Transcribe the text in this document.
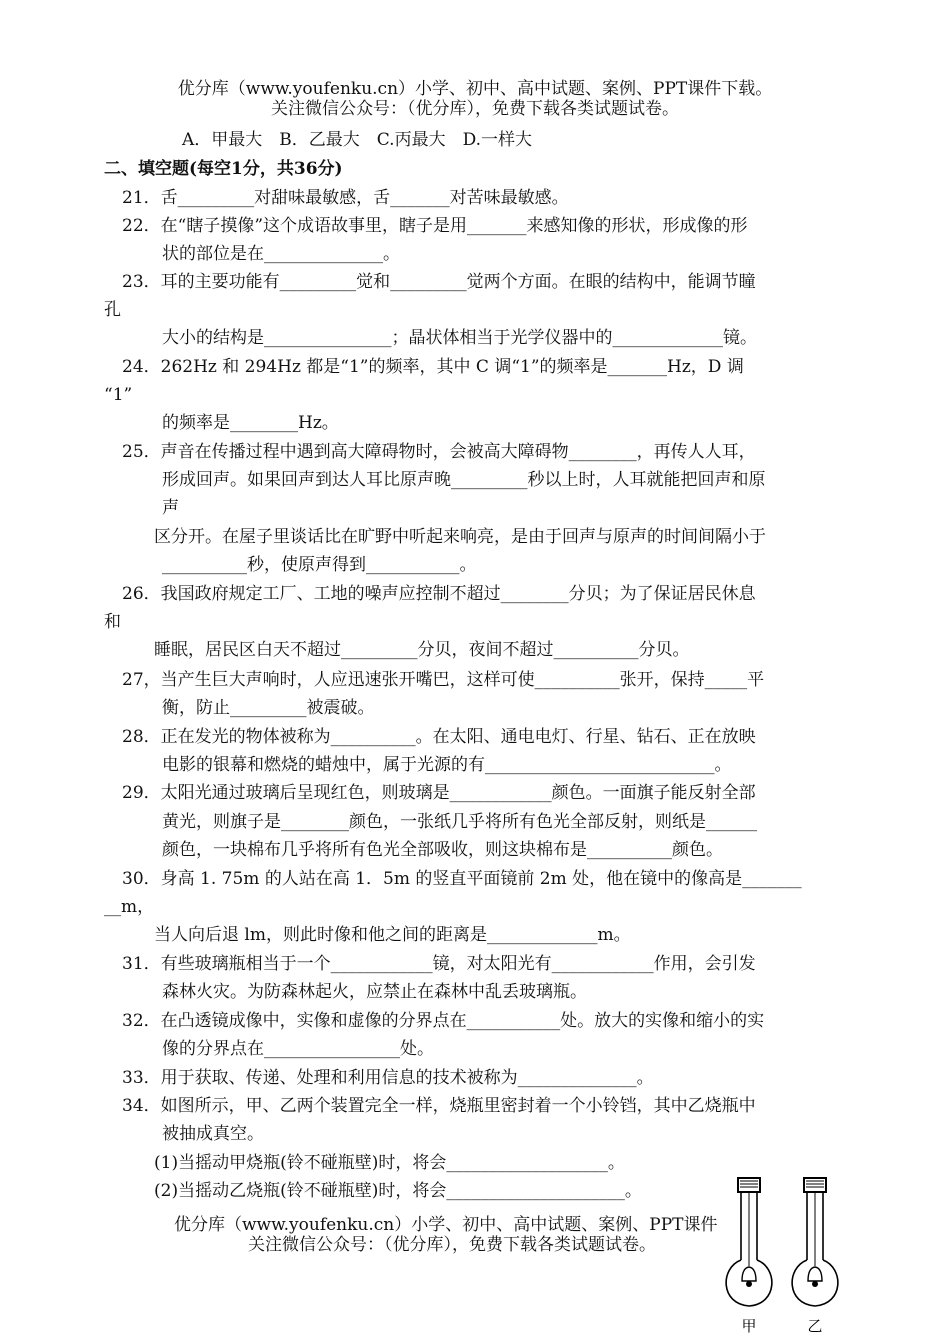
优分库（www.youfenku.cn）小学、初中、高中试题、案例、PPT课件下载。
关注微信公众号：（优分库），免费下载各类试题试卷。
A．甲最大　B．乙最大　C.丙最大　D.一样大
二、填空题(每空1分，共36分)
21．舌_________对甜味最敏感，舌_______对苦味最敏感。
22．在“瞎子摸像”这个成语故事里，瞎子是用_______来感知像的形状，形成像的形
状的部位是在______________。
23．耳的主要功能有_________觉和_________觉两个方面。在眼的结构中，能调节瞳
孔
大小的结构是_______________；晶状体相当于光学仪器中的_____________镜。
24．262Hz 和 294Hz 都是“1”的频率，其中 C 调“1”的频率是_______Hz，D 调
“1”
的频率是________Hz。
25．声音在传播过程中遇到高大障碍物时，会被高大障碍物________，再传人人耳，
形成回声。如果回声到达人耳比原声晚_________秒以上时，人耳就能把回声和原
声
区分开。在屋子里谈话比在旷野中听起来响亮，是由于回声与原声的时间间隔小于
__________秒，使原声得到___________。
26．我国政府规定工厂、工地的噪声应控制不超过________分贝；为了保证居民休息
和
睡眠，居民区白天不超过_________分贝，夜间不超过__________分贝。
27，当产生巨大声响时，人应迅速张开嘴巴，这样可使__________张开，保持_____平
衡，防止_________被震破。
28．正在发光的物体被称为__________。在太阳、通电电灯、行星、钻石、正在放映
电影的银幕和燃烧的蜡烛中，属于光源的有___________________________。
29．太阳光通过玻璃后呈现红色，则玻璃是____________颜色。一面旗子能反射全部
黄光，则旗子是________颜色，一张纸几乎将所有色光全部反射，则纸是______
颜色，一块棉布几乎将所有色光全部吸收，则这块棉布是__________颜色。
30．身高 1. 75m 的人站在高 1．5m 的竖直平面镜前 2m 处，他在镜中的像高是_______
__m，
当人向后退 lm，则此时像和他之间的距离是_____________m。
31．有些玻璃瓶相当于一个____________镜，对太阳光有____________作用，会引发
森林火灾。为防森林起火，应禁止在森林中乱丢玻璃瓶。
32．在凸透镜成像中，实像和虚像的分界点在___________处。放大的实像和缩小的实
像的分界点在________________处。
33．用于获取、传递、处理和利用信息的技术被称为______________。
34．如图所示，甲、乙两个装置完全一样，烧瓶里密封着一个小铃铛，其中乙烧瓶中
被抽成真空。
(1)当摇动甲烧瓶(铃不碰瓶壁)时，将会___________________。
(2)当摇动乙烧瓶(铃不碰瓶壁)时，将会_____________________。
优分库（www.youfenku.cn）小学、初中、高中试题、案例、PPT课件
关注微信公众号：（优分库），免费下载各类试题试卷。
甲	乙
